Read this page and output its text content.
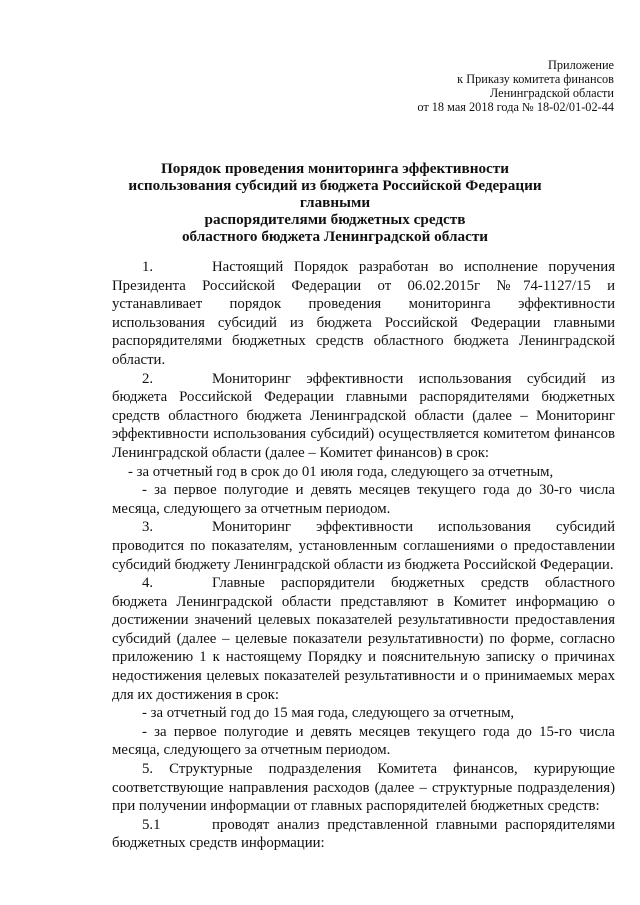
Приложение
к Приказу комитета финансов
Ленинградской области
от 18 мая 2018 года № 18-02/01-02-44
Порядок проведения мониторинга эффективности
использования субсидий из бюджета Российской Федерации главными
распорядителями бюджетных средств
областного бюджета Ленинградской области

1.	Настоящий Порядок разработан во исполнение поручения Президента Российской Федерации от 06.02.2015г №74-1127/15 и устанавливает порядок проведения мониторинга эффективности использования субсидий из бюджета Российской Федерации главными распорядителями бюджетных средств областного бюджета Ленинградской области.

2.	Мониторинг эффективности использования субсидий из бюджета Российской Федерации главными распорядителями бюджетных средств областного бюджета Ленинградской области (далее – Мониторинг эффективности использования субсидий) осуществляется комитетом финансов Ленинградской области (далее – Комитет финансов) в срок:

- за отчетный год в срок до 01 июля года, следующего за отчетным,

- за первое полугодие и девять месяцев текущего года до 30-го числа месяца, следующего за отчетным периодом.

3.	Мониторинг эффективности использования субсидий проводится по показателям, установленным соглашениями о предоставлении субсидий бюджету Ленинградской области из бюджета Российской Федерации.

4.	Главные распорядители бюджетных средств областного бюджета Ленинградской области представляют в Комитет информацию о достижении значений целевых показателей результативности предоставления субсидий (далее – целевые показатели результативности) по форме, согласно приложению 1 к настоящему Порядку и пояснительную записку о причинах недостижения целевых показателей результативности и о принимаемых мерах для их достижения в срок:

- за отчетный год до 15 мая года, следующего за отчетным,

- за первое полугодие и девять месяцев текущего года до 15-го числа месяца, следующего за отчетным периодом.

5. Структурные подразделения Комитета финансов, курирующие соответствующие направления расходов (далее – структурные подразделения) при получении информации от главных распорядителей бюджетных средств:

5.1	проводят анализ представленной главными распорядителями бюджетных средств информации:
